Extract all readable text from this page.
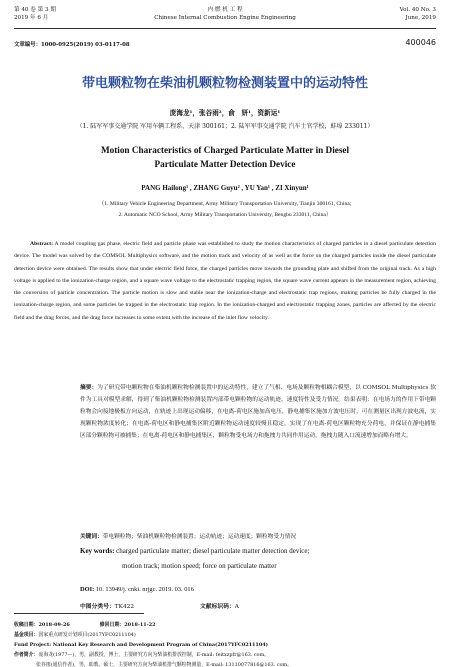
第 40 卷 第 3 期
2019 年 6 月
内 燃 机 工 程
Chinese Internal Combustion Engine Engineering
Vol. 40 No. 3
June, 2019
文章编号：1000-0925(2019) 03-0117-08	400046
带电颗粒物在柴油机颗粒物检测装置中的运动特性
庞海龙¹，张谷雨²，俞　妍¹，资新运¹
（1. 陆军军事交通学院 军用车辆工程系，天津 300161；2. 陆军军事交通学院 汽车士官学校，蚌埠 233011）
Motion Characteristics of Charged Particulate Matter in Diesel
Particulate Matter Detection Device
PANG Hailong¹ , ZHANG Guyu² , YU Yan¹ , ZI Xinyun¹
（1. Military Vehicle Engineering Department, Army Military Transportation University, Tianjin 300161, China;
2. Automatic NCO School, Army Military Transportation University, Bengbu 233011, China）

Abstract: A model coupling gas phase, electric field and particle phase was established to study the motion characteristics of charged particles in a diesel particulate detection device. The model was solved by the COMSOL Multiphysics software, and the motion track and velocity of as well as the force on the charged particles inside the diesel particulate detection device were obtained. The results show that under electric field force, the charged particles move towards the grounding plate and shifted from the original track. As a high voltage is applied to the ionization-charge region, and a square wave voltage to the electrostatic trapping region, the square wave current appears in the measurement region, achieving the conversion of particle concentration. The particle motion is slow and stable near the ionization-charge and electrostatic trap regions, making particles be fully charged in the ionization-charge region, and some particles be trapped in the electrostatic trap region. In the ionization-charged and electrostatic trapping zones, particles are affected by the electric field and the drag forces, and the drag force increases to some extent with the increase of the inlet flow velocity.

摘要：为了研究带电颗粒物在柴油机颗粒物检测装置中的运动特性，建立了气相、电场及颗粒物相耦合模型，以 COMSOL Multiphysics 软件为工具对模型求解，得到了柴油机颗粒物检测装置内部带电颗粒物的运动轨迹、速度特性及受力情况。结果表明：在电场力的作用下带电颗粒物会向接地极板方向运动，在轨迹上出现运动偏移，在电离-荷电区施加高电压，静电捕集区施加方波电压时，可在测量区出现方波电流，实现颗粒物浓度转化；在电离-荷电区和静电捕集区附近颗粒物运动速度较慢且稳定，实现了在电离-荷电区颗粒物充分荷电，并保证在静电捕集区部分颗粒物可被捕集；在电离-荷电区和静电捕集区，颗粒物受电场力和拖拽力共同作用运动，拖拽力随入口流速增加而略有增大。

关键词：带电颗粒物；柴油机颗粒物检测装置；运动轨迹；运动速度；颗粒物受力情况

Key words: charged particulate matter; diesel particulate matter detection device;
motion track; motion speed; force on particulate matter

DOI: 10. 13949/j. cnki. nrjgc. 2019. 03. 016

中图分类号：TK422	文献标识码：A
收稿日期：2018-09-26	修回日期：2018-11-22
基金项目：国家重点研发计划项目(2017YFC0211104)
Fund Project: National Key Research and Development Program of China(2017YFC0211104)
作者简介：庞海龙(1977—)，男，副教授，博士，主要研究方向为柴油机排放控制，E-mail: feitxzpfr@163. com。
张谷雨(通信作者)，男，助教，硕士，主要研究方向为柴油机排气颗粒物测量，E-mail: 13110077816@163. com。
